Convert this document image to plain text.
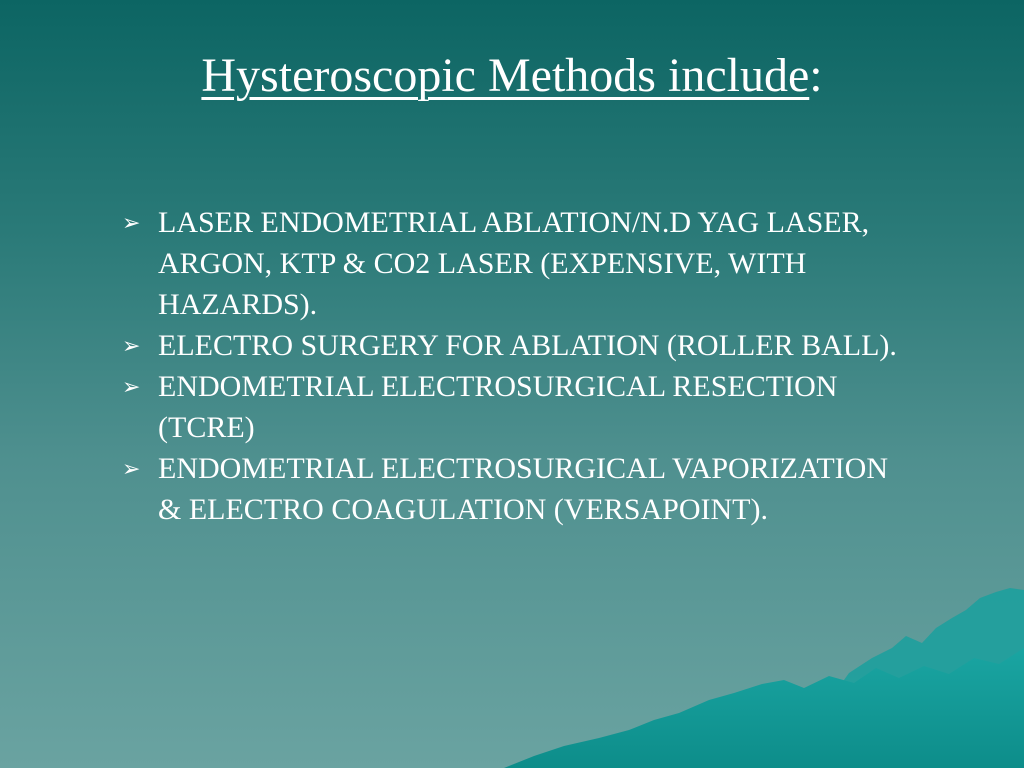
Hysteroscopic Methods include:
➢ LASER ENDOMETRIAL ABLATION/N.D YAG LASER, ARGON, KTP & CO2 LASER (EXPENSIVE, WITH HAZARDS).
➢ ELECTRO SURGERY FOR ABLATION (ROLLER BALL).
➢ ENDOMETRIAL ELECTROSURGICAL RESECTION (TCRE)
➢ ENDOMETRIAL ELECTROSURGICAL VAPORIZATION & ELECTRO COAGULATION (VERSAPOINT).
